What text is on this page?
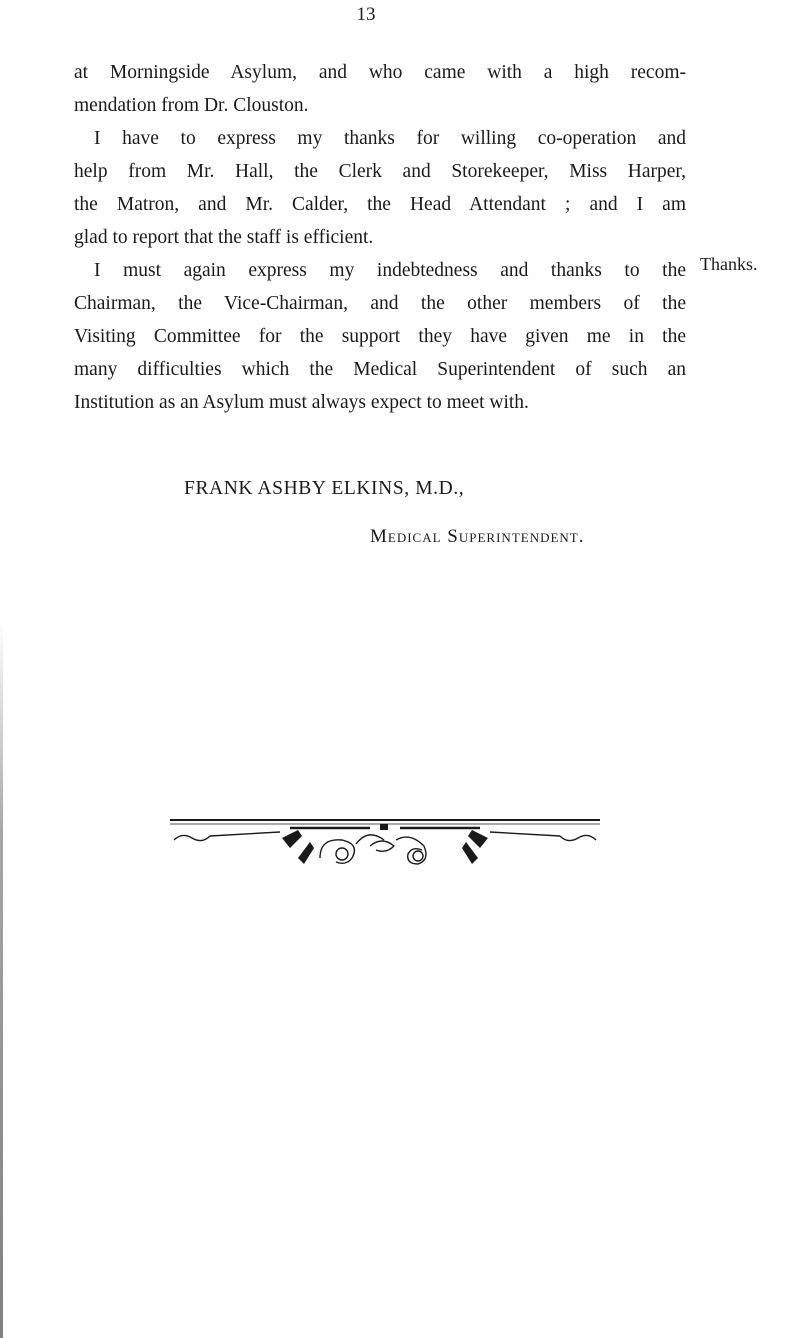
13
at Morningside Asylum, and who came with a high recom-
mendation from Dr. Clouston.
I have to express my thanks for willing co-operation and
help from Mr. Hall, the Clerk and Storekeeper, Miss Harper,
the Matron, and Mr. Calder, the Head Attendant ; and I am
glad to report that the staff is efficient.
I must again express my indebtedness and thanks to the
Chairman, the Vice-Chairman, and the other members of the
Visiting Committee for the support they have given me in the
many difficulties which the Medical Superintendent of such an
Institution as an Asylum must always expect to meet with.
Thanks.
FRANK ASHBY ELKINS, M.D.,
Medical Superintendent.
